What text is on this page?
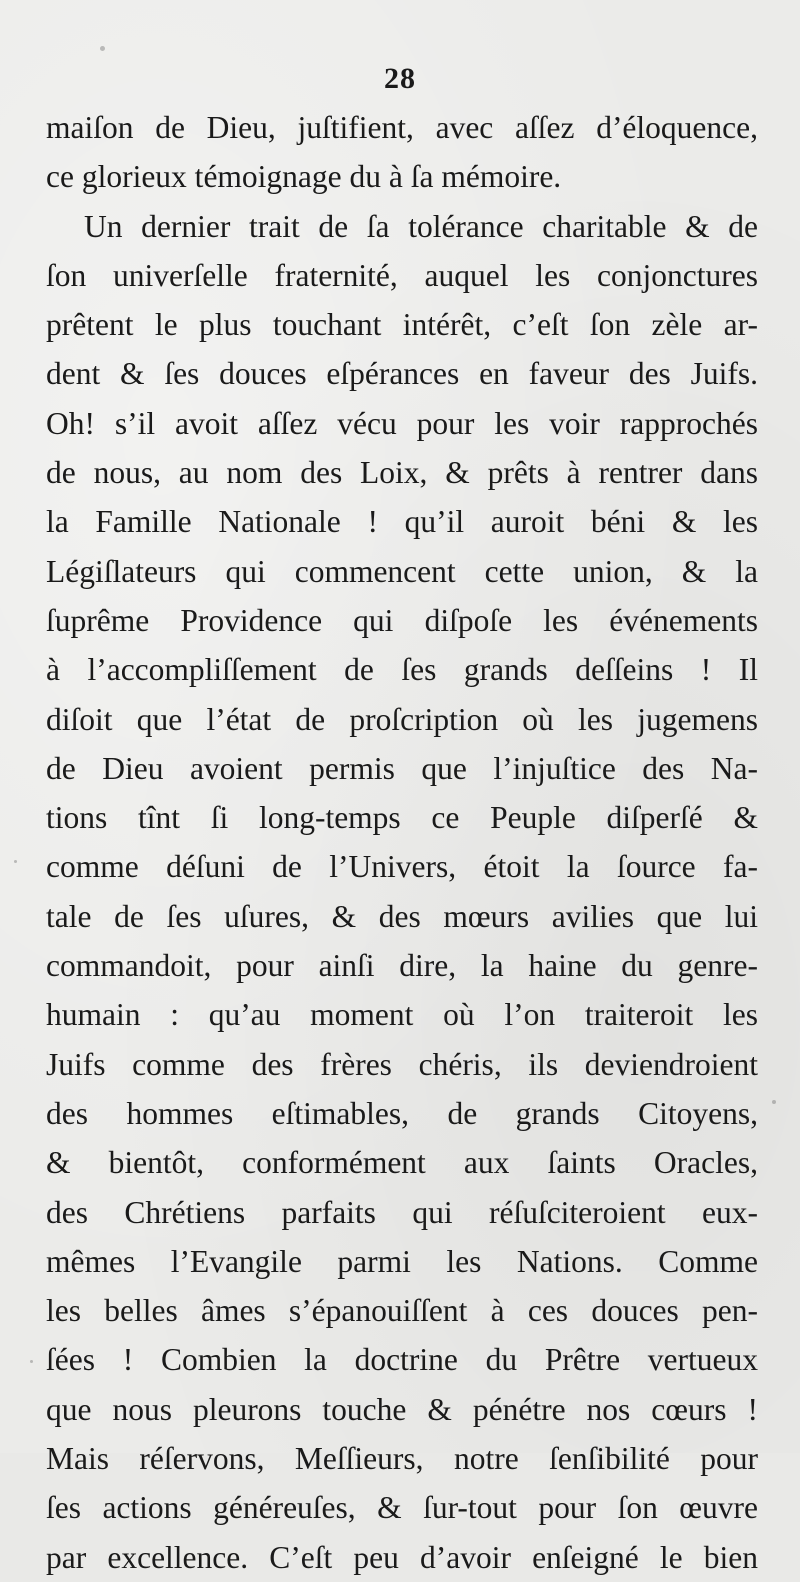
28
maiſon de Dieu, juſtifient, avec aſſez d’éloquence,
ce glorieux témoignage du à ſa mémoire.
Un dernier trait de ſa tolérance charitable & de
ſon univerſelle fraternité, auquel les conjonctures
prêtent le plus touchant intérêt, c’eſt ſon zèle ar-
dent & ſes douces eſpérances en faveur des Juifs.
Oh! s’il avoit aſſez vécu pour les voir rapprochés
de nous, au nom des Loix, & prêts à rentrer dans
la Famille Nationale ! qu’il auroit béni & les
Légiſlateurs qui commencent cette union, & la
ſuprême Providence qui diſpoſe les événements
à l’accompliſſement de ſes grands deſſeins ! Il
diſoit que l’état de proſcription où les jugemens
de Dieu avoient permis que l’injuſtice des Na-
tions tînt ſi long-temps ce Peuple diſperſé &
comme déſuni de l’Univers, étoit la ſource fa-
tale de ſes uſures, & des mœurs avilies que lui
commandoit, pour ainſi dire, la haine du genre-
humain : qu’au moment où l’on traiteroit les
Juifs comme des frères chéris, ils deviendroient
des hommes eſtimables, de grands Citoyens,
& bientôt, conformément aux ſaints Oracles,
des Chrétiens parfaits qui réſuſciteroient eux-
mêmes l’Evangile parmi les Nations. Comme
les belles âmes s’épanouiſſent à ces douces pen-
ſées ! Combien la doctrine du Prêtre vertueux
que nous pleurons touche & pénétre nos cœurs !
Mais réſervons, Meſſieurs, notre ſenſibilité pour
ſes actions généreuſes, & ſur-tout pour ſon œuvre
par excellence. C’eſt peu d’avoir enſeigné le bien
